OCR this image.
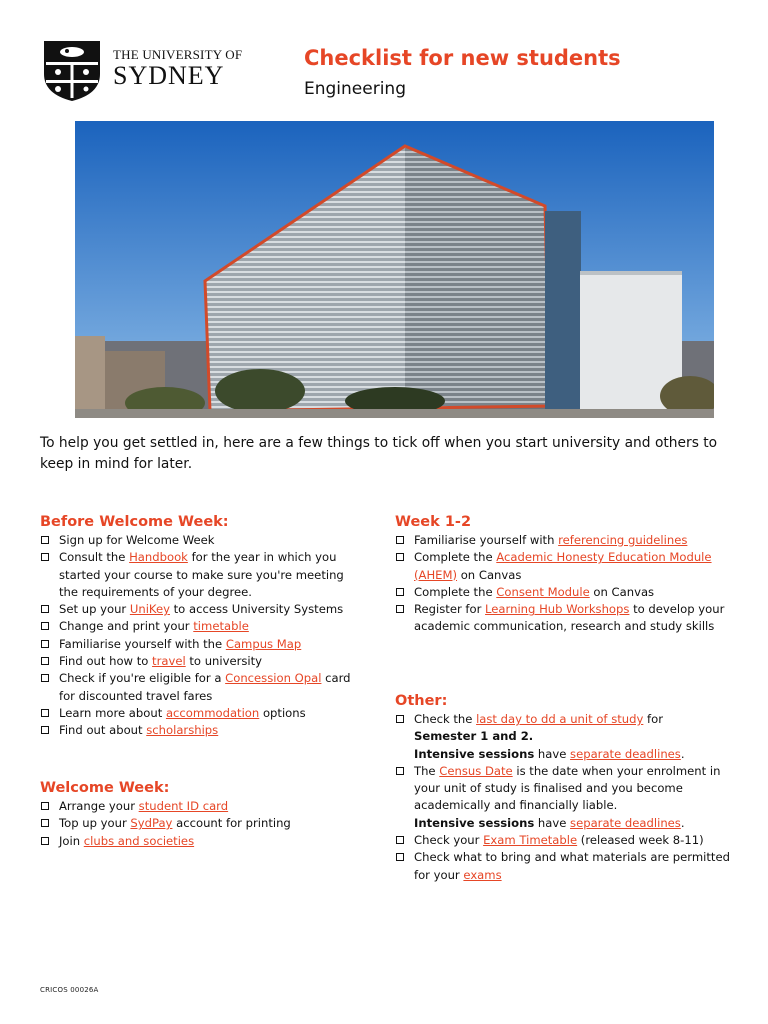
THE UNIVERSITY OF
SYDNEY
Checklist for new students

Engineering

To help you get settled in, here are a few things to tick off when you start university and others to keep in mind for later.

Before Welcome Week:
Sign up for Welcome Week
Consult the Handbook for the year in which you started your course to make sure you're meeting the requirements of your degree.
Set up your UniKey to access University Systems
Change and print your timetable
Familiarise yourself with the Campus Map
Find out how to travel to university
Check if you're eligible for a Concession Opal card for discounted travel fares
Learn more about accommodation options
Find out about scholarships
Welcome Week:
Arrange your student ID card
Top up your SydPay account for printing
Join clubs and societies
Week 1-2
Familiarise yourself with referencing guidelines
Complete the Academic Honesty Education Module (AHEM) on Canvas
Complete the Consent Module on Canvas
Register for Learning Hub Workshops to develop your academic communication, research and study skills
Other:
Check the last day to dd a unit of study for
Semester 1 and 2.
Intensive sessions have separate deadlines.
The Census Date is the date when your enrolment in your unit of study is finalised and you become academically and financially liable.
Intensive sessions have separate deadlines.
Check your Exam Timetable (released week 8-11)
Check what to bring and what materials are permitted for your exams

CRICOS 00026A
